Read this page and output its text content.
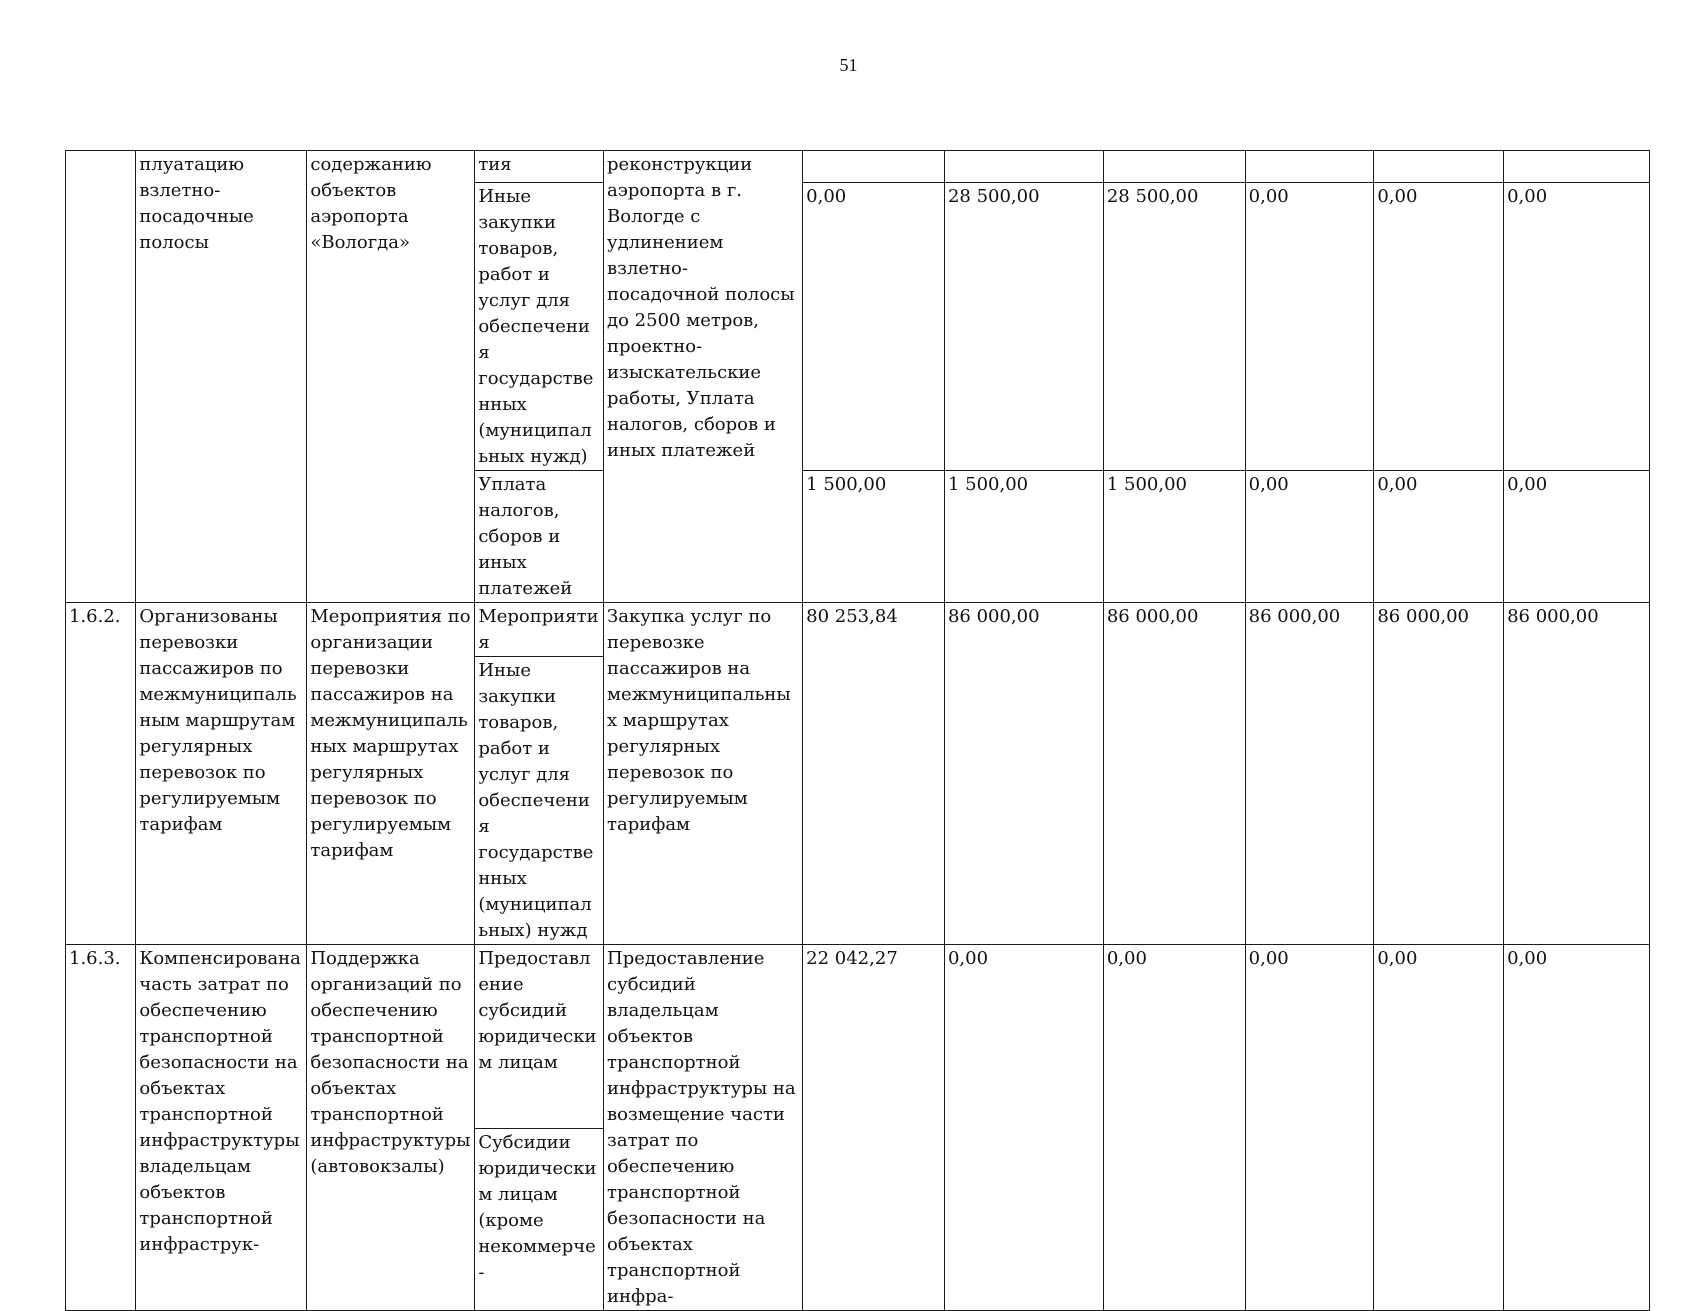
51
	плуатацию взлетно-посадочные полосы	содержанию объектов аэропорта «Вологда»	тия	реконструкции аэропорта в г. Вологде с удлинением взлетно-посадочной полосы до 2500 метров, проектно-изыскательские работы, Уплата налогов, сборов и иных платежей						
			Иные закупки товаров, работ и услуг для обеспечения государственных (муниципальных нужд)		0,00	28 500,00	28 500,00	0,00	0,00	0,00
			Уплата налогов, сборов и иных платежей		1 500,00	1 500,00	1 500,00	0,00	0,00	0,00
1.6.2.	Организованы перевозки пассажиров по межмуниципальным маршрутам регулярных перевозок по регулируемым тарифам	Мероприятия по организации перевозки пассажиров на межмуниципальных маршрутах регулярных перевозок по регулируемым тарифам	Мероприятия	Закупка услуг по перевозке пассажиров на межмуниципальных маршрутах регулярных перевозок по регулируемым тарифам	80 253,84	86 000,00	86 000,00	86 000,00	86 000,00	86 000,00
			Иные закупки товаров, работ и услуг для обеспечения государственных (муниципальных) нужд							
1.6.3.	Компенсирована часть затрат по обеспечению транспортной безопасности на объектах транспортной инфраструктуры владельцам объектов транспортной инфраструк-	Поддержка организаций по обеспечению транспортной безопасности на объектах транспортной инфраструктуры (автовокзалы)	Предоставление субсидий юридическим лицам	Предоставление субсидий владельцам объектов транспортной инфраструктуры на возмещение части затрат по обеспечению транспортной безопасности на объектах транспортной инфра-	22 042,27	0,00	0,00	0,00	0,00	0,00
			Субсидии юридическим лицам (кроме некоммерче-							
